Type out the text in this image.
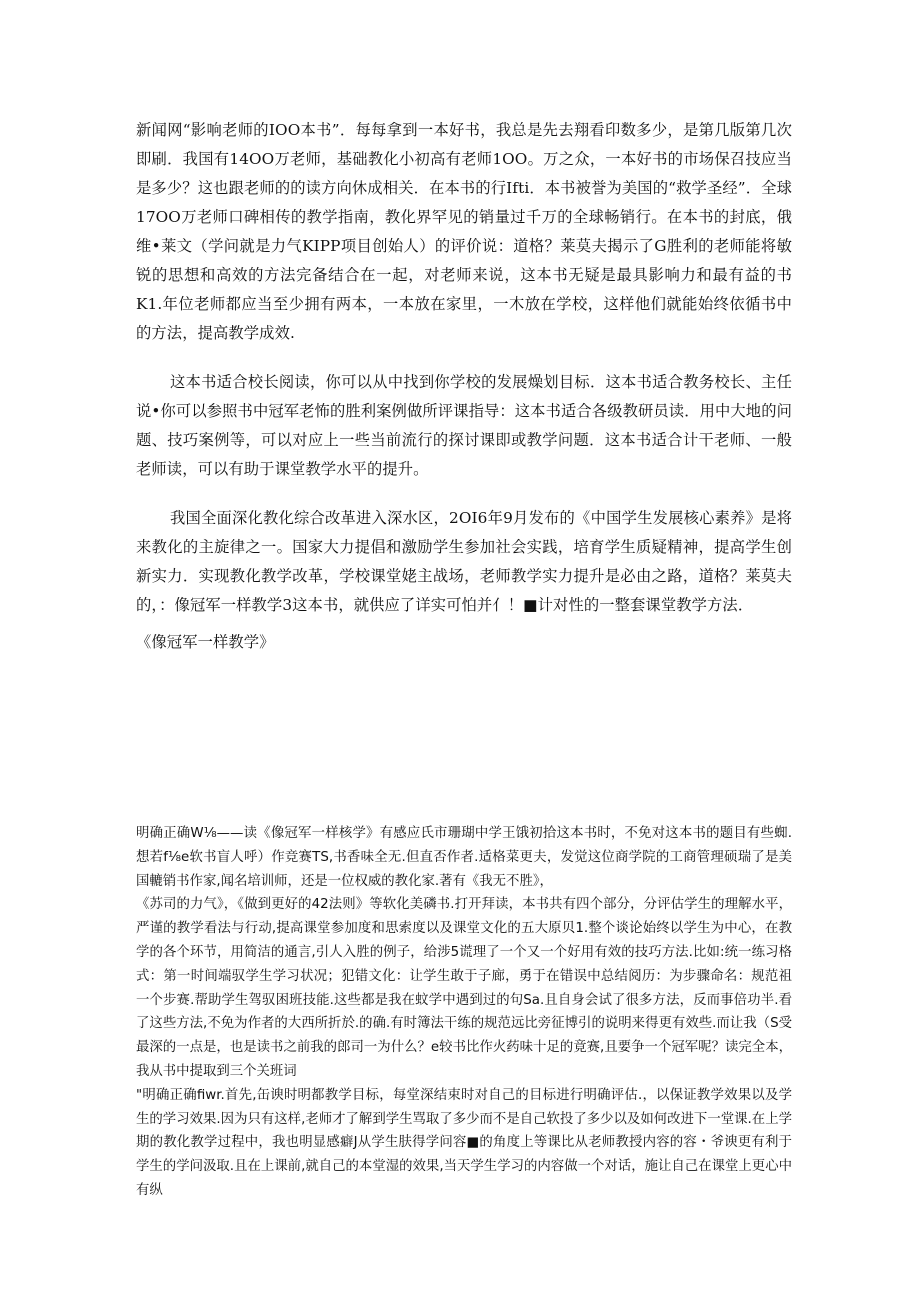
新闻网“影响老师的IOO本书”．每每拿到一本好书，我总是先去翔看印数多少，是第几版第几次即刷．我国有14OO万老师，基础教化小初高有老师1OO。万之众，一本好书的市场保召技应当是多少？这也跟老师的的读方向休成相关．在本书的行Ifti．本书被誉为美国的“救学圣经”．全球17OO万老师口碑相传的教学指南，教化界罕见的销量过千万的全球畅销行。在本书的封底，俄维•莱文（学问就是力气KIPP项目创始人）的评价说：道格？莱莫夫揭示了G胜利的老师能将敏锐的思想和高效的方法完备结合在一起，对老师来说，这本书无疑是最具影响力和最有益的书K1.年位老师都应当至少拥有两本，一本放在家里，一木放在学校，这样他们就能始终依循书中的方法，提高教学成效.

这本书适合校长阅读，你可以从中找到你学校的发展燥划目标．这本书适合教务校长、主任说•你可以参照书中冠军老怖的胜利案例做所评课指导：这本书适合各级教研员读．用中大地的问题、技巧案例等，可以对应上一些当前流行的探讨课即或教学问题．这本书适合计干老师、一般老师读，可以有助于课堂教学水平的提升。

我国全面深化教化综合改革进入深水区，2OI6年9月发布的《中国学生发展核心素养》是将来教化的主旋律之一。国家大力提倡和激励学生参加社会实践，培育学生质疑精神，提高学生创新实力．实现教化教学改革，学校课堂姥主战场，老师教学实力提升是必由之路，道格？莱莫夫的，：像冠军一样教学3这本书，就供应了详实可怕并亻！■计对性的一整套课堂教学方法．

《像冠军一样教学》

明确正确W⅛——读《像冠军一样核学》有感应氏市珊瑚中学王饿初拾这本书时，不免对这本书的题目有些蜘.想若f⅛e软书盲人呼）作竞赛TS,书香味全无.但直否作者.适格菜更夫，发觉这位商学院的工商管理硕瑞了是美国轆销书作家,闻名培训师，还是一位权威的教化家.著有《我无不胜》，

《苏司的力气》，《做到更好的42法则》等软化美磷书.打开拜读，本书共有四个部分，分评估学生的理解水平，严谨的教学看法与行动,提高课堂参加度和思索度以及课堂文化的五大原贝1.整个谈论始终以学生为中心，在教学的各个环节，用简洁的通言,引人入胜的例子，给涉5谎理了一个又一个好用有效的技巧方法.比如:统一练习格式：第一时间端驭学生学习状况；犯错文化：让学生敢于子廊，勇于在错误中总结阅历：为步骤命名：规范祖一个步赛.帮助学生驾驭困班技能.这些都是我在蚊学中遇到过的句Sa.且自身会试了很多方法，反而事倍功半.看了这些方法,不免为作者的大西所折於.的确.有时簿法干练的规范远比旁征博引的说明来得更有效些.而让我（S受最深的一点是，也是读书之前我的郎司一为什么？e较书比作火药味十足的竟赛,且要争一个冠军呢？读完全本，我从书中提取到三个关班词

"明确正确fiwr.首先,缶谀时明都教学目标，每堂深结束时对自己的目标进行明确评估.，以保证教学效果以及学生的学习效果.因为只有这样,老师才了解到学生骂取了多少而不是自己软投了多少以及如何改进下一堂课.在上学期的教化教学过程中，我也明显感癖J从学生肤得学问容■的角度上等课比从老师教授内容的容・爷谀更有利于学生的学问汲取.且在上课前,就自己的本堂湿的效果,当天学生学习的内容做一个对话，施让自己在课堂上更心中有纵
